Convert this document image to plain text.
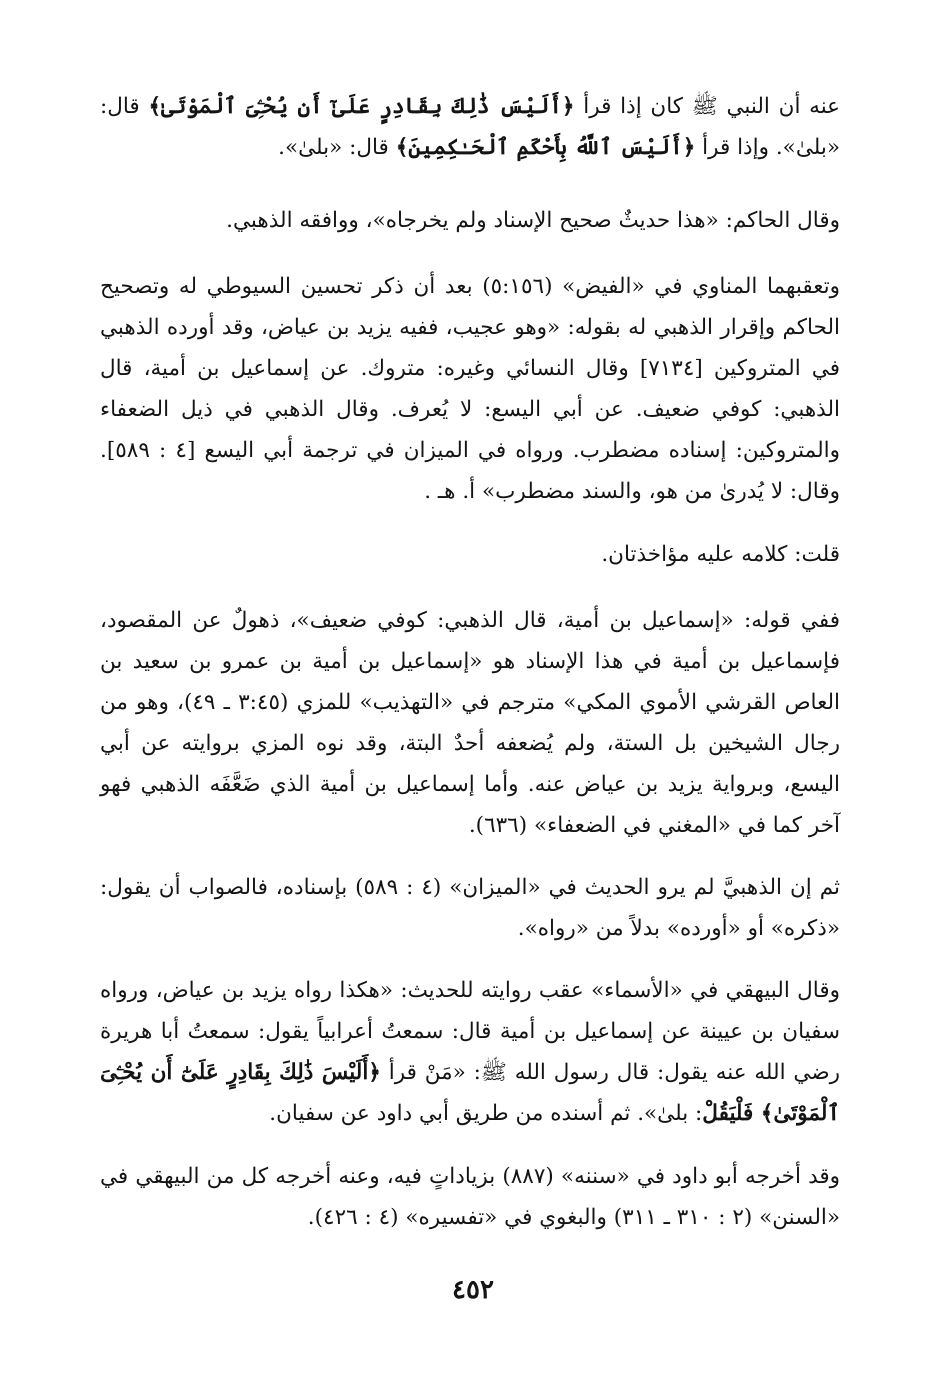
عنه أن النبي ﷺ كان إذا قرأ ﴿أَلَيْسَ ذَٰلِكَ بِقَادِرٍ عَلَىٰٓ أَن يُحْـِۧىَ ٱلْمَوْتَىٰ﴾ قال: «بلىٰ». وإذا قرأ ﴿أَلَيْسَ ٱللَّهُ بِأَحْكَمِ ٱلْحَـٰكِمِينَ﴾ قال: «بلىٰ».

وقال الحاكم: «هذا حديثٌ صحيح الإسناد ولم يخرجاه»، ووافقه الذهبي.

وتعقبهما المناوي في «الفيض» (٥:١٥٦) بعد أن ذكر تحسين السيوطي له وتصحيح الحاكم وإقرار الذهبي له بقوله: «وهو عجيب، ففيه يزيد بن عياض، وقد أورده الذهبي في المتروكين [٧١٣٤] وقال النسائي وغيره: متروك. عن إسماعيل بن أمية، قال الذهبي: كوفي ضعيف. عن أبي اليسع: لا يُعرف. وقال الذهبي في ذيل الضعفاء والمتروكين: إسناده مضطرب. ورواه في الميزان في ترجمة أبي اليسع [٤ : ٥٨٩]. وقال: لا يُدرىٰ من هو، والسند مضطرب» أ. هـ .

قلت: كلامه عليه مؤاخذتان.

ففي قوله: «إسماعيل بن أمية، قال الذهبي: كوفي ضعيف»، ذهولٌ عن المقصود، فإسماعيل بن أمية في هذا الإسناد هو «إسماعيل بن أمية بن عمرو بن سعيد بن العاص القرشي الأموي المكي» مترجم في «التهذيب» للمزي (٣:٤٥ ـ ٤٩)، وهو من رجال الشيخين بل الستة، ولم يُضعفه أحدٌ البتة، وقد نوه المزي بروايته عن أبي اليسع، وبرواية يزيد بن عياض عنه. وأما إسماعيل بن أمية الذي ضَعَّفَه الذهبي فهو آخر كما في «المغني في الضعفاء» (٦٣٦).

ثم إن الذهبيَّ لم يرو الحديث في «الميزان» (٤ : ٥٨٩) بإسناده، فالصواب أن يقول: «ذكره» أو «أورده» بدلاً من «رواه».

وقال البيهقي في «الأسماء» عقب روايته للحديث: «هكذا رواه يزيد بن عياض، ورواه سفيان بن عيينة عن إسماعيل بن أمية قال: سمعتُ أعرابياً يقول: سمعتُ أبا هريرة رضي الله عنه يقول: قال رسول الله ﷺ: «مَنْ قرأ ﴿أَلَيْسَ ذَٰلِكَ بِقَادِرٍ عَلَىٰٓ أَن يُحْـِۧىَ ٱلْمَوْتَىٰ﴾ فَلْيَقُلْ: بلىٰ». ثم أسنده من طريق أبي داود عن سفيان.

وقد أخرجه أبو داود في «سننه» (٨٨٧) بزياداتٍ فيه، وعنه أخرجه كل من البيهقي في «السنن» (٢ : ٣١٠ ـ ٣١١) والبغوي في «تفسيره» (٤ : ٤٢٦).

٤٥٢
